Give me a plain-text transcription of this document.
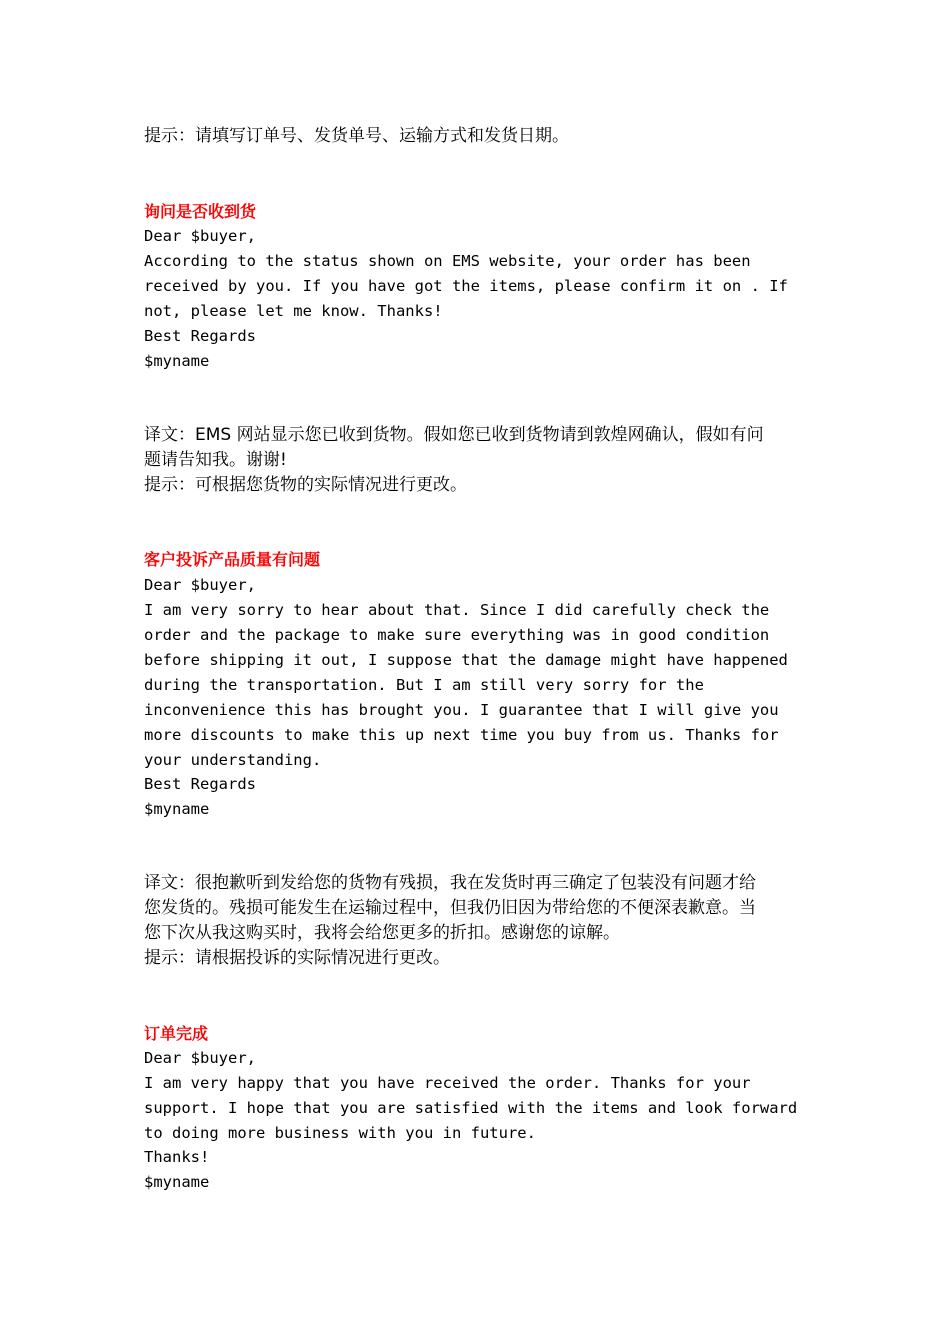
提示：请填写订单号、发货单号、运输方式和发货日期。
询问是否收到货
Dear $buyer,
According to the status shown on EMS website, your order has been
received by you. If you have got the items, please confirm it on . If
not, please let me know. Thanks!
Best Regards
$myname
译文：EMS 网站显示您已收到货物。假如您已收到货物请到敦煌网确认，假如有问
题请告知我。谢谢!
提示：可根据您货物的实际情况进行更改。
客户投诉产品质量有问题
Dear $buyer,
I am very sorry to hear about that. Since I did carefully check the
order and the package to make sure everything was in good condition
before shipping it out, I suppose that the damage might have happened
during the transportation. But I am still very sorry for the
inconvenience this has brought you. I guarantee that I will give you
more discounts to make this up next time you buy from us. Thanks for
your understanding.
Best Regards
$myname
译文：很抱歉听到发给您的货物有残损，我在发货时再三确定了包装没有问题才给
您发货的。残损可能发生在运输过程中，但我仍旧因为带给您的不便深表歉意。当
您下次从我这购买时，我将会给您更多的折扣。感谢您的谅解。
提示：请根据投诉的实际情况进行更改。
订单完成
Dear $buyer,
I am very happy that you have received the order. Thanks for your
support. I hope that you are satisfied with the items and look forward
to doing more business with you in future.
Thanks!
$myname
